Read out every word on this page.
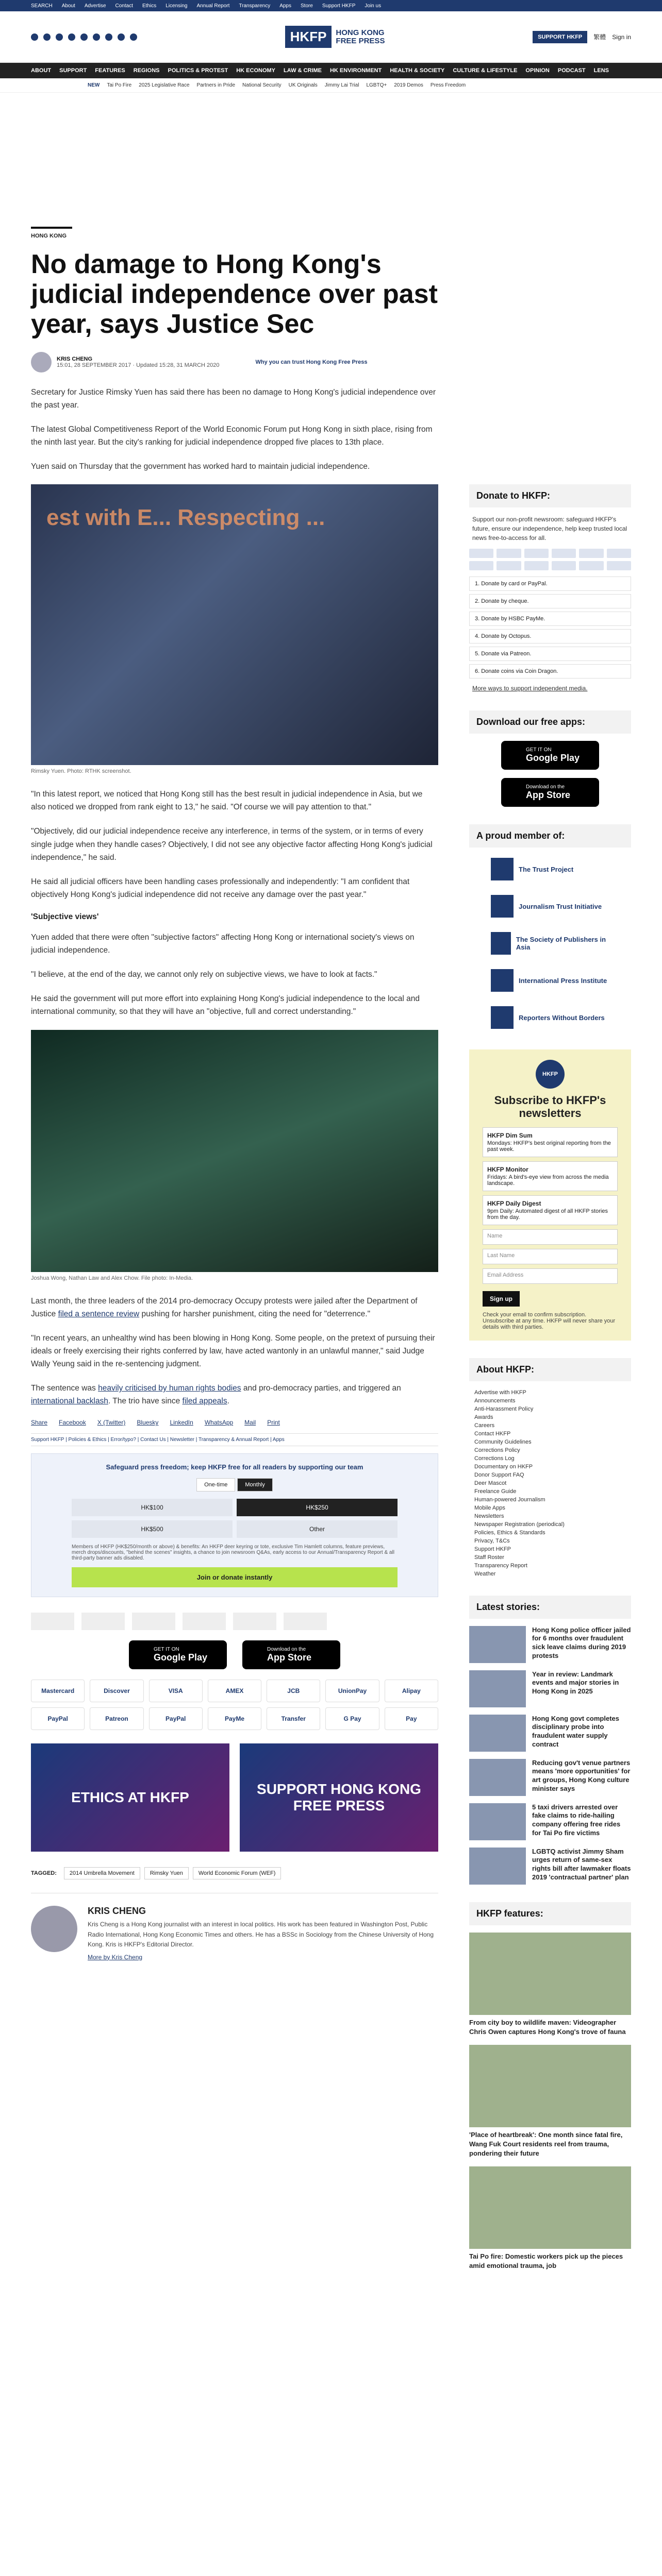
SEARCH About Advertise Contact Ethics Licensing Annual Report Transparency Apps Store Support HKFP Join us
HKFP	HONG KONG
FREE PRESS	SUPPORT HKFP	繁體 Sign in
ABOUT SUPPORT FEATURES REGIONS POLITICS & PROTEST HK ECONOMY LAW & CRIME HK ENVIRONMENT HEALTH & SOCIETY CULTURE & LIFESTYLE OPINION PODCAST LENS
NEW Tai Po Fire 2025 Legislative Race Partners in Pride National Security UK Originals Jimmy Lai Trial LGBTQ+ 2019 Demos Press Freedom
HONG KONG
No damage to Hong Kong's judicial independence over past year, says Justice Sec
KRIS CHENG
15:01, 28 SEPTEMBER 2017 · Updated 15:28, 31 MARCH 2020	Why you can trust Hong Kong Free Press

Secretary for Justice Rimsky Yuen has said there has been no damage to Hong Kong's judicial independence over the past year.

The latest Global Competitiveness Report of the World Economic Forum put Hong Kong in sixth place, rising from the ninth last year. But the city's ranking for judicial independence dropped five places to 13th place.

Yuen said on Thursday that the government has worked hard to maintain judicial independence.

est with E... Respecting ...
Rimsky Yuen. Photo: RTHK screenshot.

"In this latest report, we noticed that Hong Kong still has the best result in judicial independence in Asia, but we also noticed we dropped from rank eight to 13," he said. "Of course we will pay attention to that."

"Objectively, did our judicial independence receive any interference, in terms of the system, or in terms of every single judge when they handle cases? Objectively, I did not see any objective factor affecting Hong Kong's judicial independence," he said.

He said all judicial officers have been handling cases professionally and independently: "I am confident that objectively Hong Kong's judicial independence did not receive any damage over the past year."

'Subjective views'

Yuen added that there were often "subjective factors" affecting Hong Kong or international society's views on judicial independence.

"I believe, at the end of the day, we cannot only rely on subjective views, we have to look at facts."

He said the government will put more effort into explaining Hong Kong's judicial independence to the local and international community, so that they will have an "objective, full and correct understanding."

Joshua Wong, Nathan Law and Alex Chow. File photo: In-Media.

Last month, the three leaders of the 2014 pro-democracy Occupy protests were jailed after the Department of Justice filed a sentence review pushing for harsher punishment, citing the need for "deterrence."

"In recent years, an unhealthy wind has been blowing in Hong Kong. Some people, on the pretext of pursuing their ideals or freely exercising their rights conferred by law, have acted wantonly in an unlawful manner," said Judge Wally Yeung said in the re-sentencing judgment.

The sentence was heavily criticised by human rights bodies and pro-democracy parties, and triggered an international backlash. The trio have since filed appeals.

Share Facebook X (Twitter) Bluesky LinkedIn WhatsApp Mail Print
Support HKFP | Policies & Ethics | Error/typo? | Contact Us | Newsletter | Transparency & Annual Report | Apps
Safeguard press freedom; keep HKFP free for all readers by supporting our team
One-time	Monthly
HK$100	HK$250
HK$500	Other
Members of HKFP (HK$250/month or above) & benefits: An HKFP deer keyring or tote, exclusive Tim Hamlett columns, feature previews, merch drops/discounts, "behind the scenes" insights, a chance to join newsroom Q&As, early access to our Annual/Transparency Report & all third-party banner ads disabled.
Join or donate instantly
GET IT ON
Google Play
Download on the
App Store
Mastercard	Discover	VISA	AMEX	JCB	UnionPay	Alipay
PayPal	Patreon	PayPal	PayMe	Transfer	G Pay	Pay
ETHICS AT HKFP
SUPPORT HONG KONG FREE PRESS
TAGGED:	2014 Umbrella Movement	Rimsky Yuen	World Economic Forum (WEF)
KRIS CHENG

Kris Cheng is a Hong Kong journalist with an interest in local politics. His work has been featured in Washington Post, Public Radio International, Hong Kong Economic Times and others. He has a BSSc in Sociology from the Chinese University of Hong Kong. Kris is HKFP's Editorial Director.

More by Kris Cheng

Donate to HKFP:
Support our non-profit newsroom: safeguard HKFP's future, ensure our independence, help keep trusted local news free-to-access for all.
1. Donate by card or PayPal.
2. Donate by cheque.
3. Donate by HSBC PayMe.
4. Donate by Octopus.
5. Donate via Patreon.
6. Donate coins via Coin Dragon.
More ways to support independent media.
Download our free apps:
GET IT ON
Google Play
Download on the
App Store
A proud member of:
The Trust Project
Journalism Trust Initiative
The Society of Publishers in Asia
International Press Institute
Reporters Without Borders
HKFP
Subscribe to HKFP's newsletters
HKFP Dim Sum
Mondays: HKFP's best original reporting from the past week.
HKFP Monitor
Fridays: A bird's-eye view from across the media landscape.
HKFP Daily Digest
9pm Daily: Automated digest of all HKFP stories from the day.
Name
Last Name
Email Address
Sign up
Check your email to confirm subscription. Unsubscribe at any time. HKFP will never share your details with third parties.
About HKFP:
Advertise with HKFP
Announcements
Anti-Harassment Policy
Awards
Careers
Contact HKFP
Community Guidelines
Corrections Policy
Corrections Log
Documentary on HKFP
Donor Support FAQ
Deer Mascot
Freelance Guide
Human-powered Journalism
Mobile Apps
Newsletters
Newspaper Registration (periodical)
Policies, Ethics & Standards
Privacy, T&Cs
Support HKFP
Staff Roster
Transparency Report
Weather
Latest stories:
Hong Kong police officer jailed for 6 months over fraudulent sick leave claims during 2019 protests
Year in review: Landmark events and major stories in Hong Kong in 2025
Hong Kong govt completes disciplinary probe into fraudulent water supply contract
Reducing gov't venue partners means 'more opportunities' for art groups, Hong Kong culture minister says
5 taxi drivers arrested over fake claims to ride-hailing company offering free rides for Tai Po fire victims
LGBTQ activist Jimmy Sham urges return of same-sex rights bill after lawmaker floats 2019 'contractual partner' plan
HKFP features:
From city boy to wildlife maven: Videographer Chris Owen captures Hong Kong's trove of fauna
'Place of heartbreak': One month since fatal fire, Wang Fuk Court residents reel from trauma, pondering their future
Tai Po fire: Domestic workers pick up the pieces amid emotional trauma, job
